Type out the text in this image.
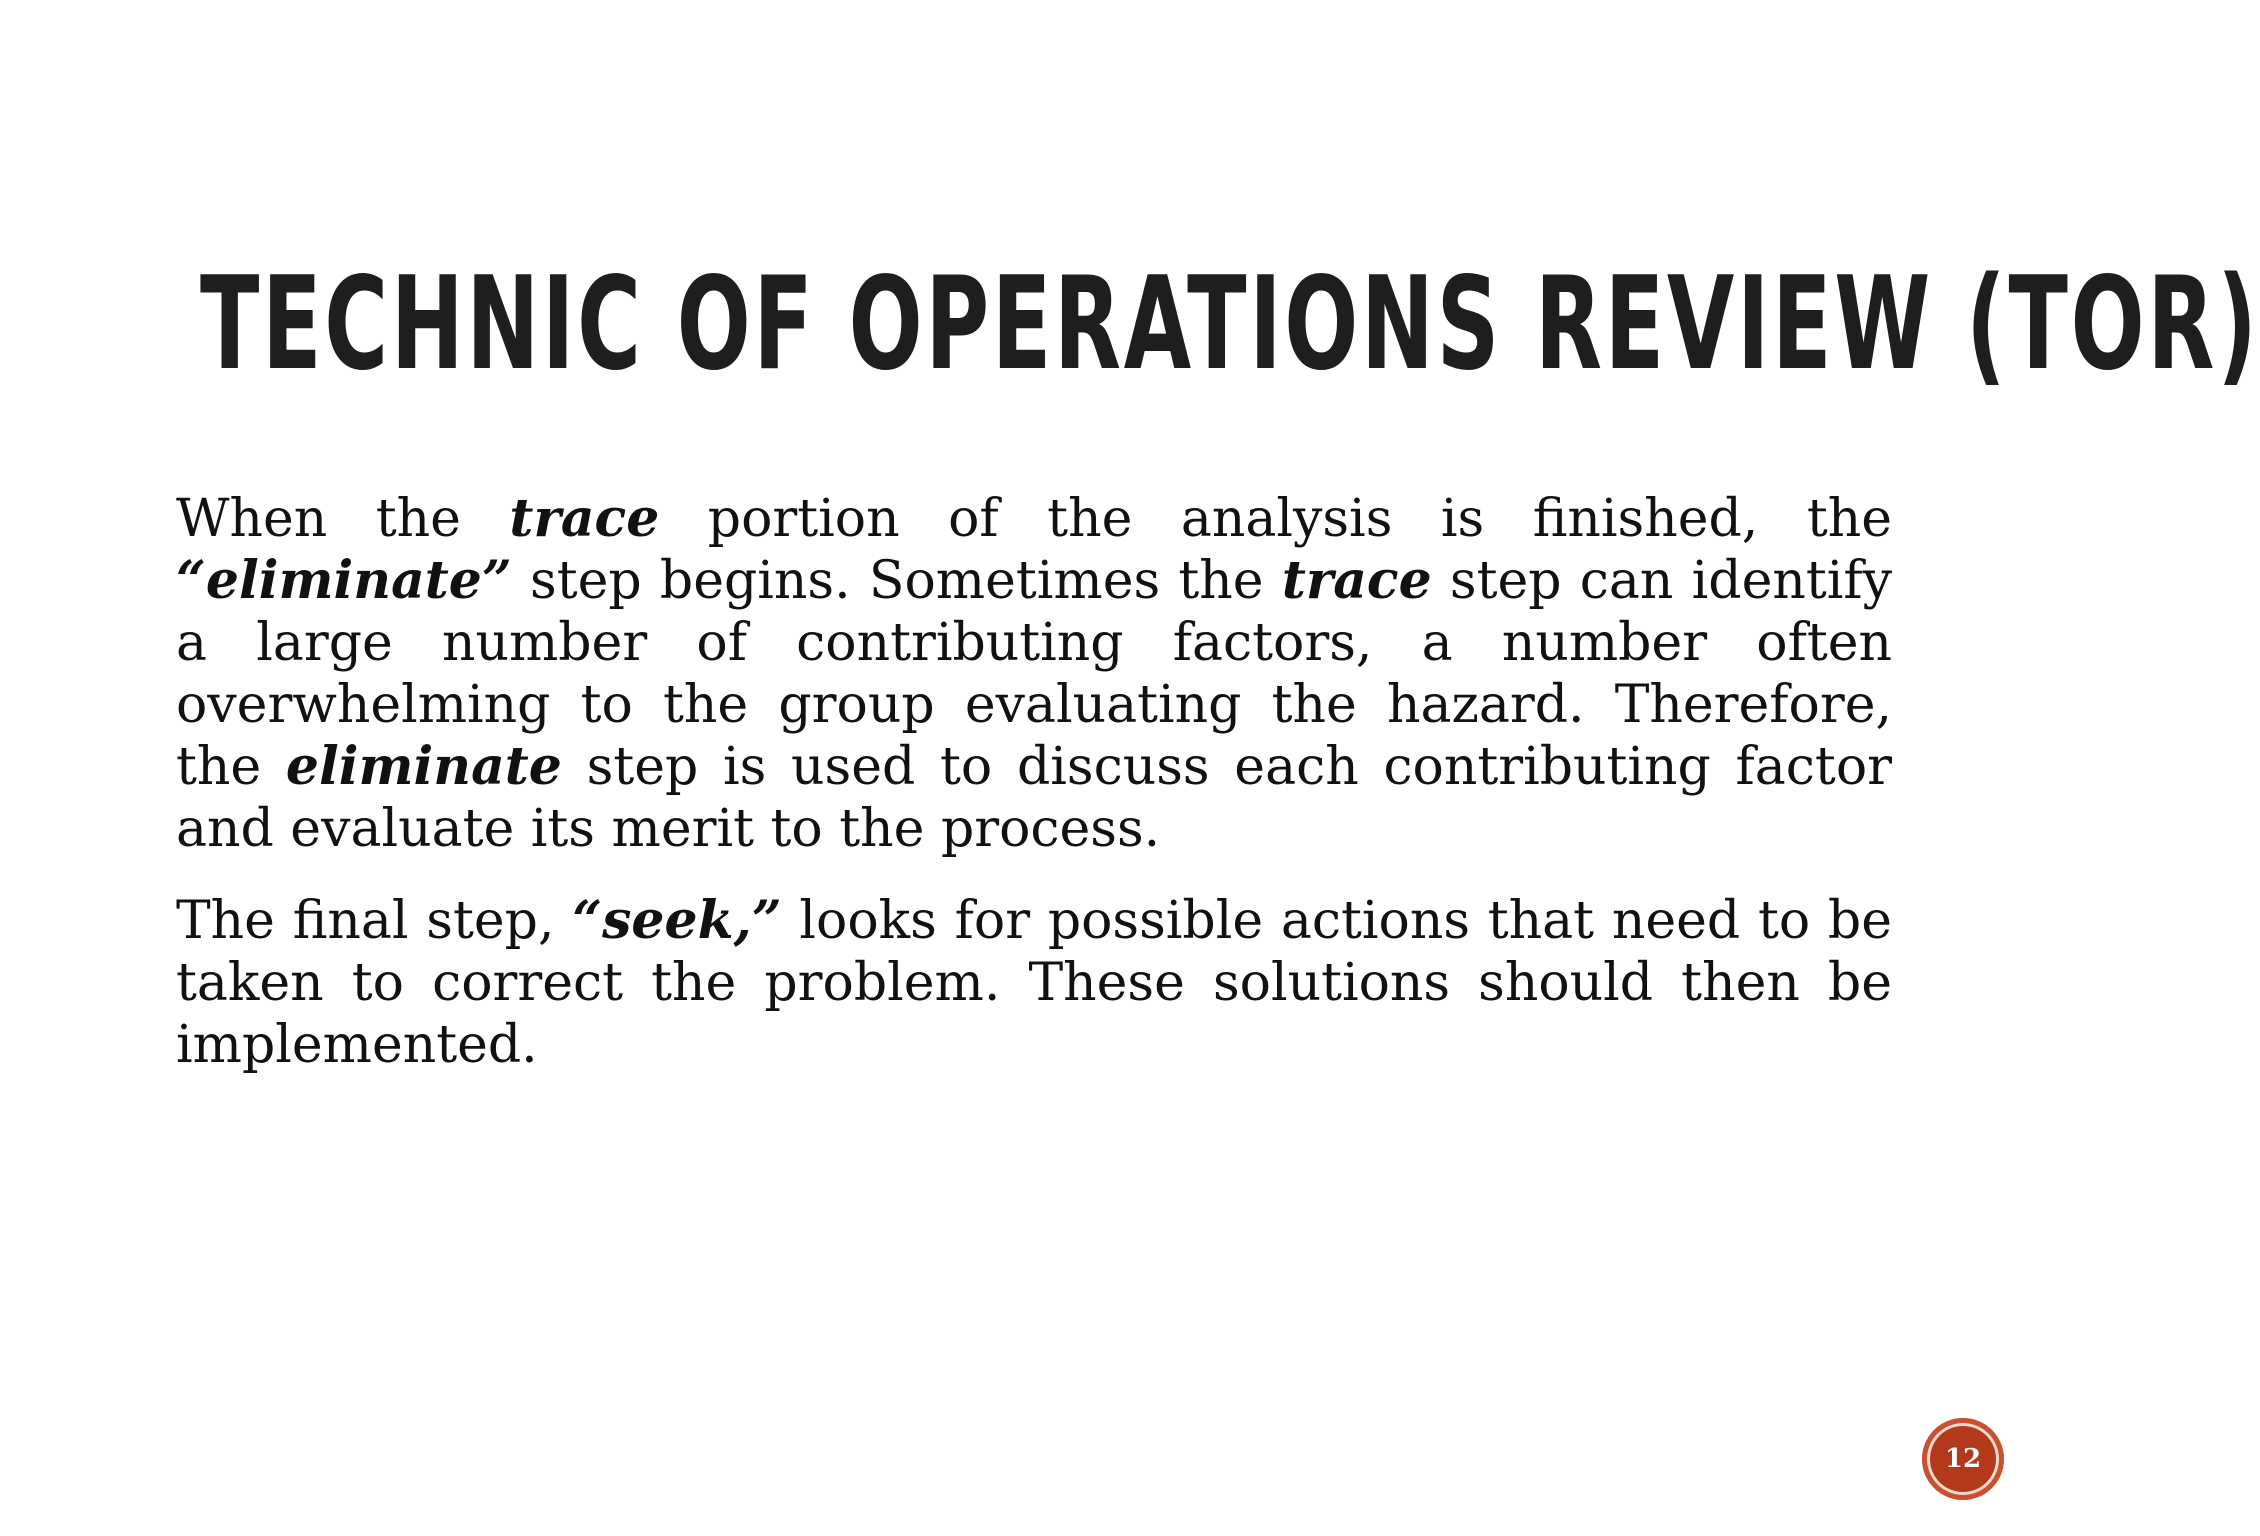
TECHNIC OF OPERATIONS REVIEW (TOR)

When the trace portion of the analysis is finished, the “eliminate” step begins. Sometimes the trace step can identify a large number of contributing factors, a number often overwhelming to the group evaluating the hazard. Therefore, the eliminate step is used to discuss each contributing factor and evaluate its merit to the process.

The final step, “seek,” looks for possible actions that need to be taken to correct the problem. These solutions should then be implemented.

12
